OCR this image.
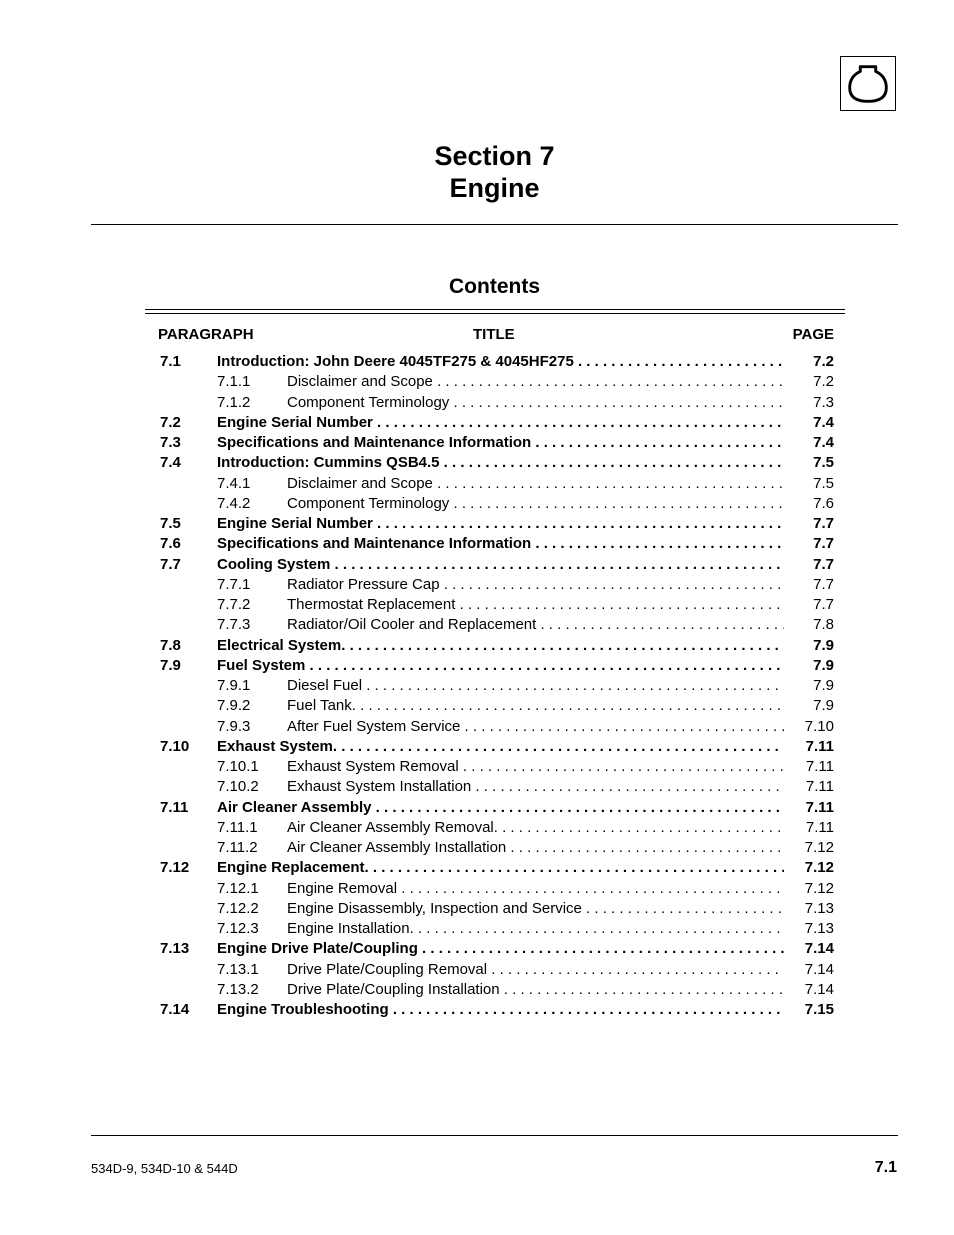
Section 7
Engine
Contents
PARAGRAPH	TITLE	PAGE
7.1 Introduction: John Deere 4045TF275 & 4045HF275 . . .	7.2
7.1.1 Disclaimer and Scope . . .	7.2
7.1.2 Component Terminology . . .	7.3
7.2 Engine Serial Number . . .	7.4
7.3 Specifications and Maintenance Information . . .	7.4
7.4 Introduction: Cummins QSB4.5 . . .	7.5
7.4.1 Disclaimer and Scope . . .	7.5
7.4.2 Component Terminology . . .	7.6
7.5 Engine Serial Number . . .	7.7
7.6 Specifications and Maintenance Information . . .	7.7
7.7 Cooling System . . .	7.7
7.7.1 Radiator Pressure Cap . . .	7.7
7.7.2 Thermostat Replacement . . .	7.7
7.7.3 Radiator/Oil Cooler and Replacement . . .	7.8
7.8 Electrical System. . . .	7.9
7.9 Fuel System . . .	7.9
7.9.1 Diesel Fuel . . .	7.9
7.9.2 Fuel Tank. . . .	7.9
7.9.3 After Fuel System Service . . .	7.10
7.10 Exhaust System. . . .	7.11
7.10.1 Exhaust System Removal . . .	7.11
7.10.2 Exhaust System Installation . . .	7.11
7.11 Air Cleaner Assembly . . .	7.11
7.11.1 Air Cleaner Assembly Removal. . . .	7.11
7.11.2 Air Cleaner Assembly Installation . . .	7.12
7.12 Engine Replacement. . . .	7.12
7.12.1 Engine Removal . . .	7.12
7.12.2 Engine Disassembly, Inspection and Service . . .	7.13
7.12.3 Engine Installation. . . .	7.13
7.13 Engine Drive Plate/Coupling . . .	7.14
7.13.1 Drive Plate/Coupling Removal . . .	7.14
7.13.2 Drive Plate/Coupling Installation . . .	7.14
7.14 Engine Troubleshooting . . .	7.15
534D-9, 534D-10 & 544D	7.1
